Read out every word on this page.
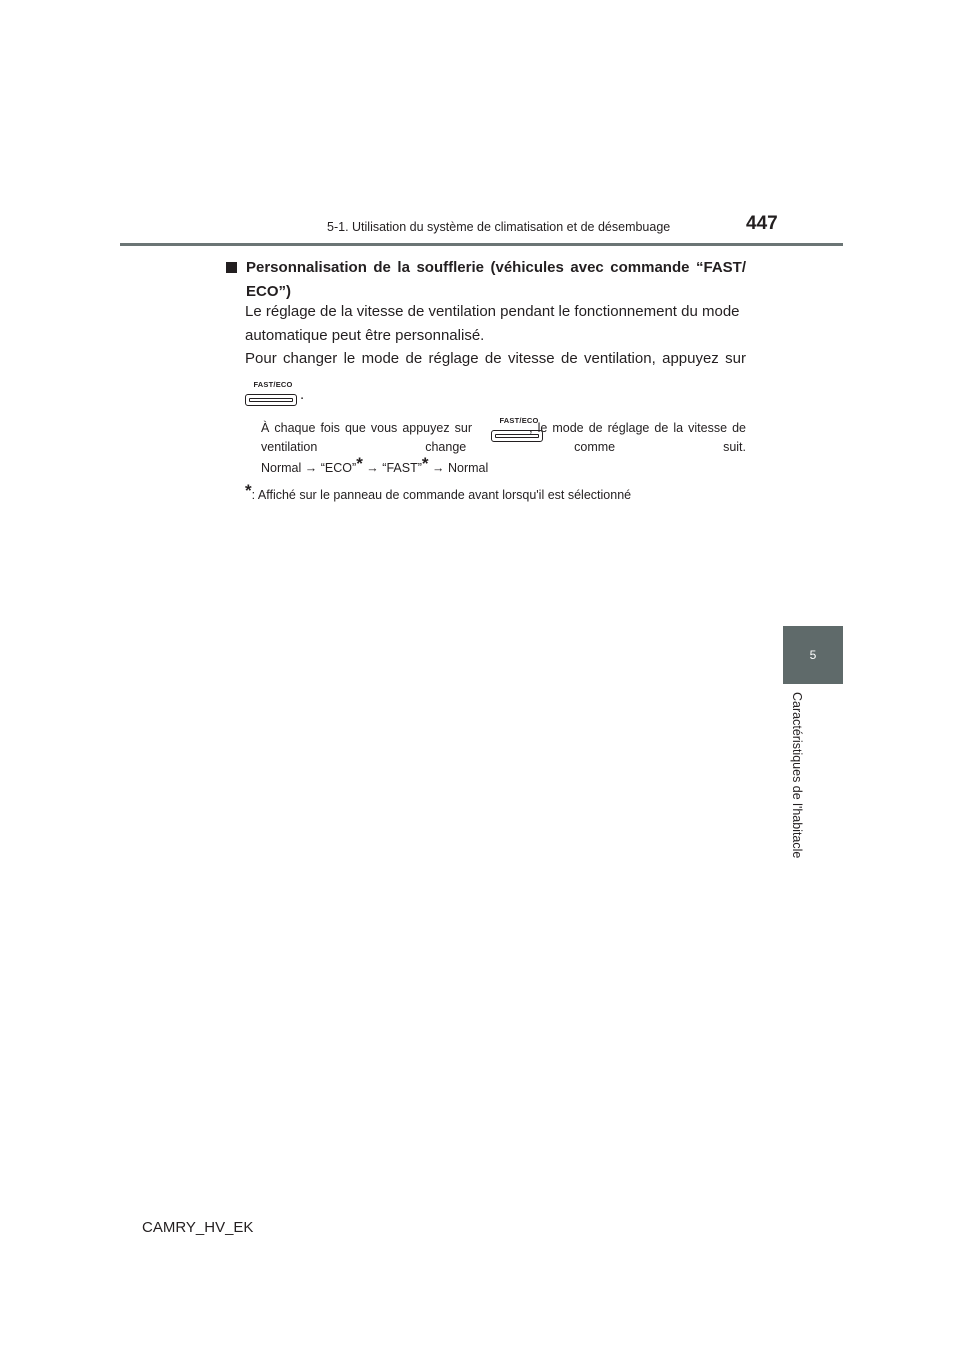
5-1. Utilisation du système de climatisation et de désembuage	447
Personnalisation de la soufflerie (véhicules avec commande “FAST/ ECO”)

Le réglage de la vitesse de ventilation pendant le fonctionnement du mode automatique peut être personnalisé.

Pour changer le mode de réglage de vitesse de ventilation, appuyez sur

FAST/ECO
.

À chaque fois que vous appuyez sur	, le mode de réglage de la vitesse de ventilation change comme suit.

FAST/ECO

Normal → “ECO”* → “FAST”* → Normal

*: Affiché sur le panneau de commande avant lorsqu'il est sélectionné
5
Caractéristiques de l'habitacle
CAMRY_HV_EK
